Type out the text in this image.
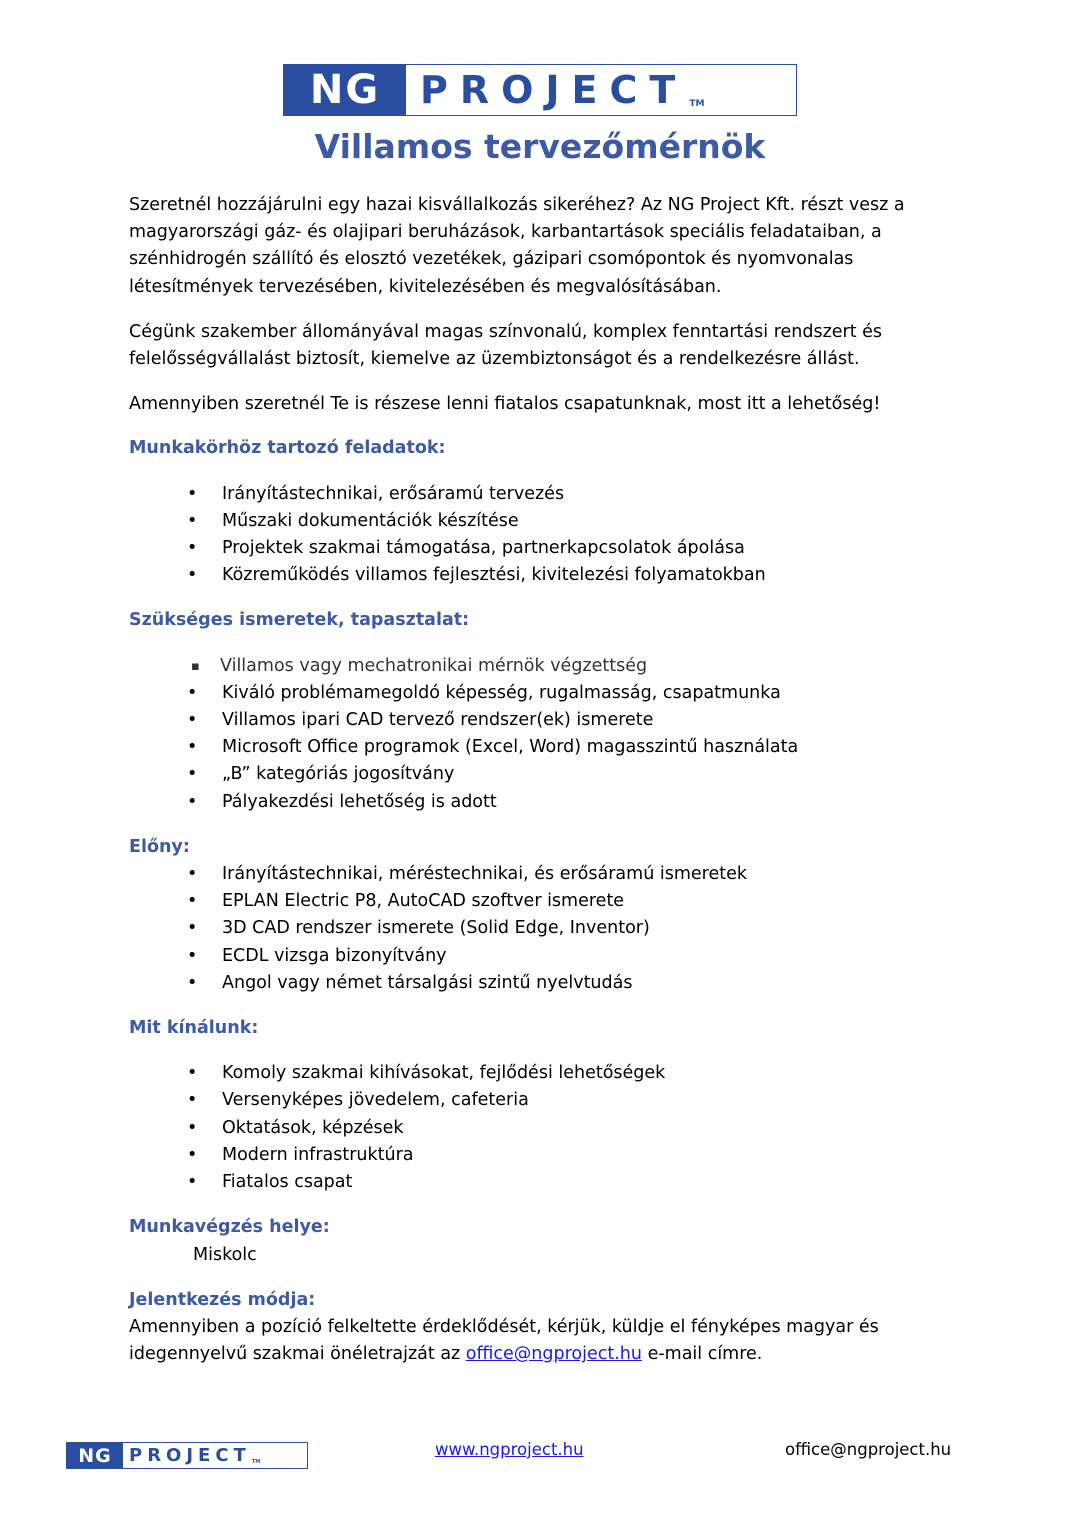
NG	PROJECT TM
Villamos tervezőmérnök

Szeretnél hozzájárulni egy hazai kisvállalkozás sikeréhez? Az NG Project Kft. részt vesz a magyarországi gáz- és olajipari beruházások, karbantartások speciális feladataiban, a szénhidrogén szállító és elosztó vezetékek, gázipari csomópontok és nyomvonalas létesítmények tervezésében, kivitelezésében és megvalósításában.

Cégünk szakember állományával magas színvonalú, komplex fenntartási rendszert és felelősségvállalást biztosít, kiemelve az üzembiztonságot és a rendelkezésre állást.

Amennyiben szeretnél Te is részese lenni fiatalos csapatunknak, most itt a lehetőség!

Munkakörhöz tartozó feladatok:

• Irányítástechnikai, erősáramú tervezés
• Műszaki dokumentációk készítése
• Projektek szakmai támogatása, partnerkapcsolatok ápolása
• Közreműködés villamos fejlesztési, kivitelezési folyamatokban

Szükséges ismeretek, tapasztalat:

▪ Villamos vagy mechatronikai mérnök végzettség
• Kiváló problémamegoldó képesség, rugalmasság, csapatmunka
• Villamos ipari CAD tervező rendszer(ek) ismerete
• Microsoft Office programok (Excel, Word) magasszintű használata
• „B” kategóriás jogosítvány
• Pályakezdési lehetőség is adott

Előny:

• Irányítástechnikai, méréstechnikai, és erősáramú ismeretek
• EPLAN Electric P8, AutoCAD szoftver ismerete
• 3D CAD rendszer ismerete (Solid Edge, Inventor)
• ECDL vizsga bizonyítvány
• Angol vagy német társalgási szintű nyelvtudás

Mit kínálunk:

• Komoly szakmai kihívásokat, fejlődési lehetőségek
• Versenyképes jövedelem, cafeteria
• Oktatások, képzések
• Modern infrastruktúra
• Fiatalos csapat

Munkavégzés helye:

Miskolc

Jelentkezés módja:

Amennyiben a pozíció felkeltette érdeklődését, kérjük, küldje el fényképes magyar és idegennyelvű szakmai önéletrajzát az office@ngproject.hu e-mail címre.

NG PROJECT TM
www.ngproject.hu	office@ngproject.hu
